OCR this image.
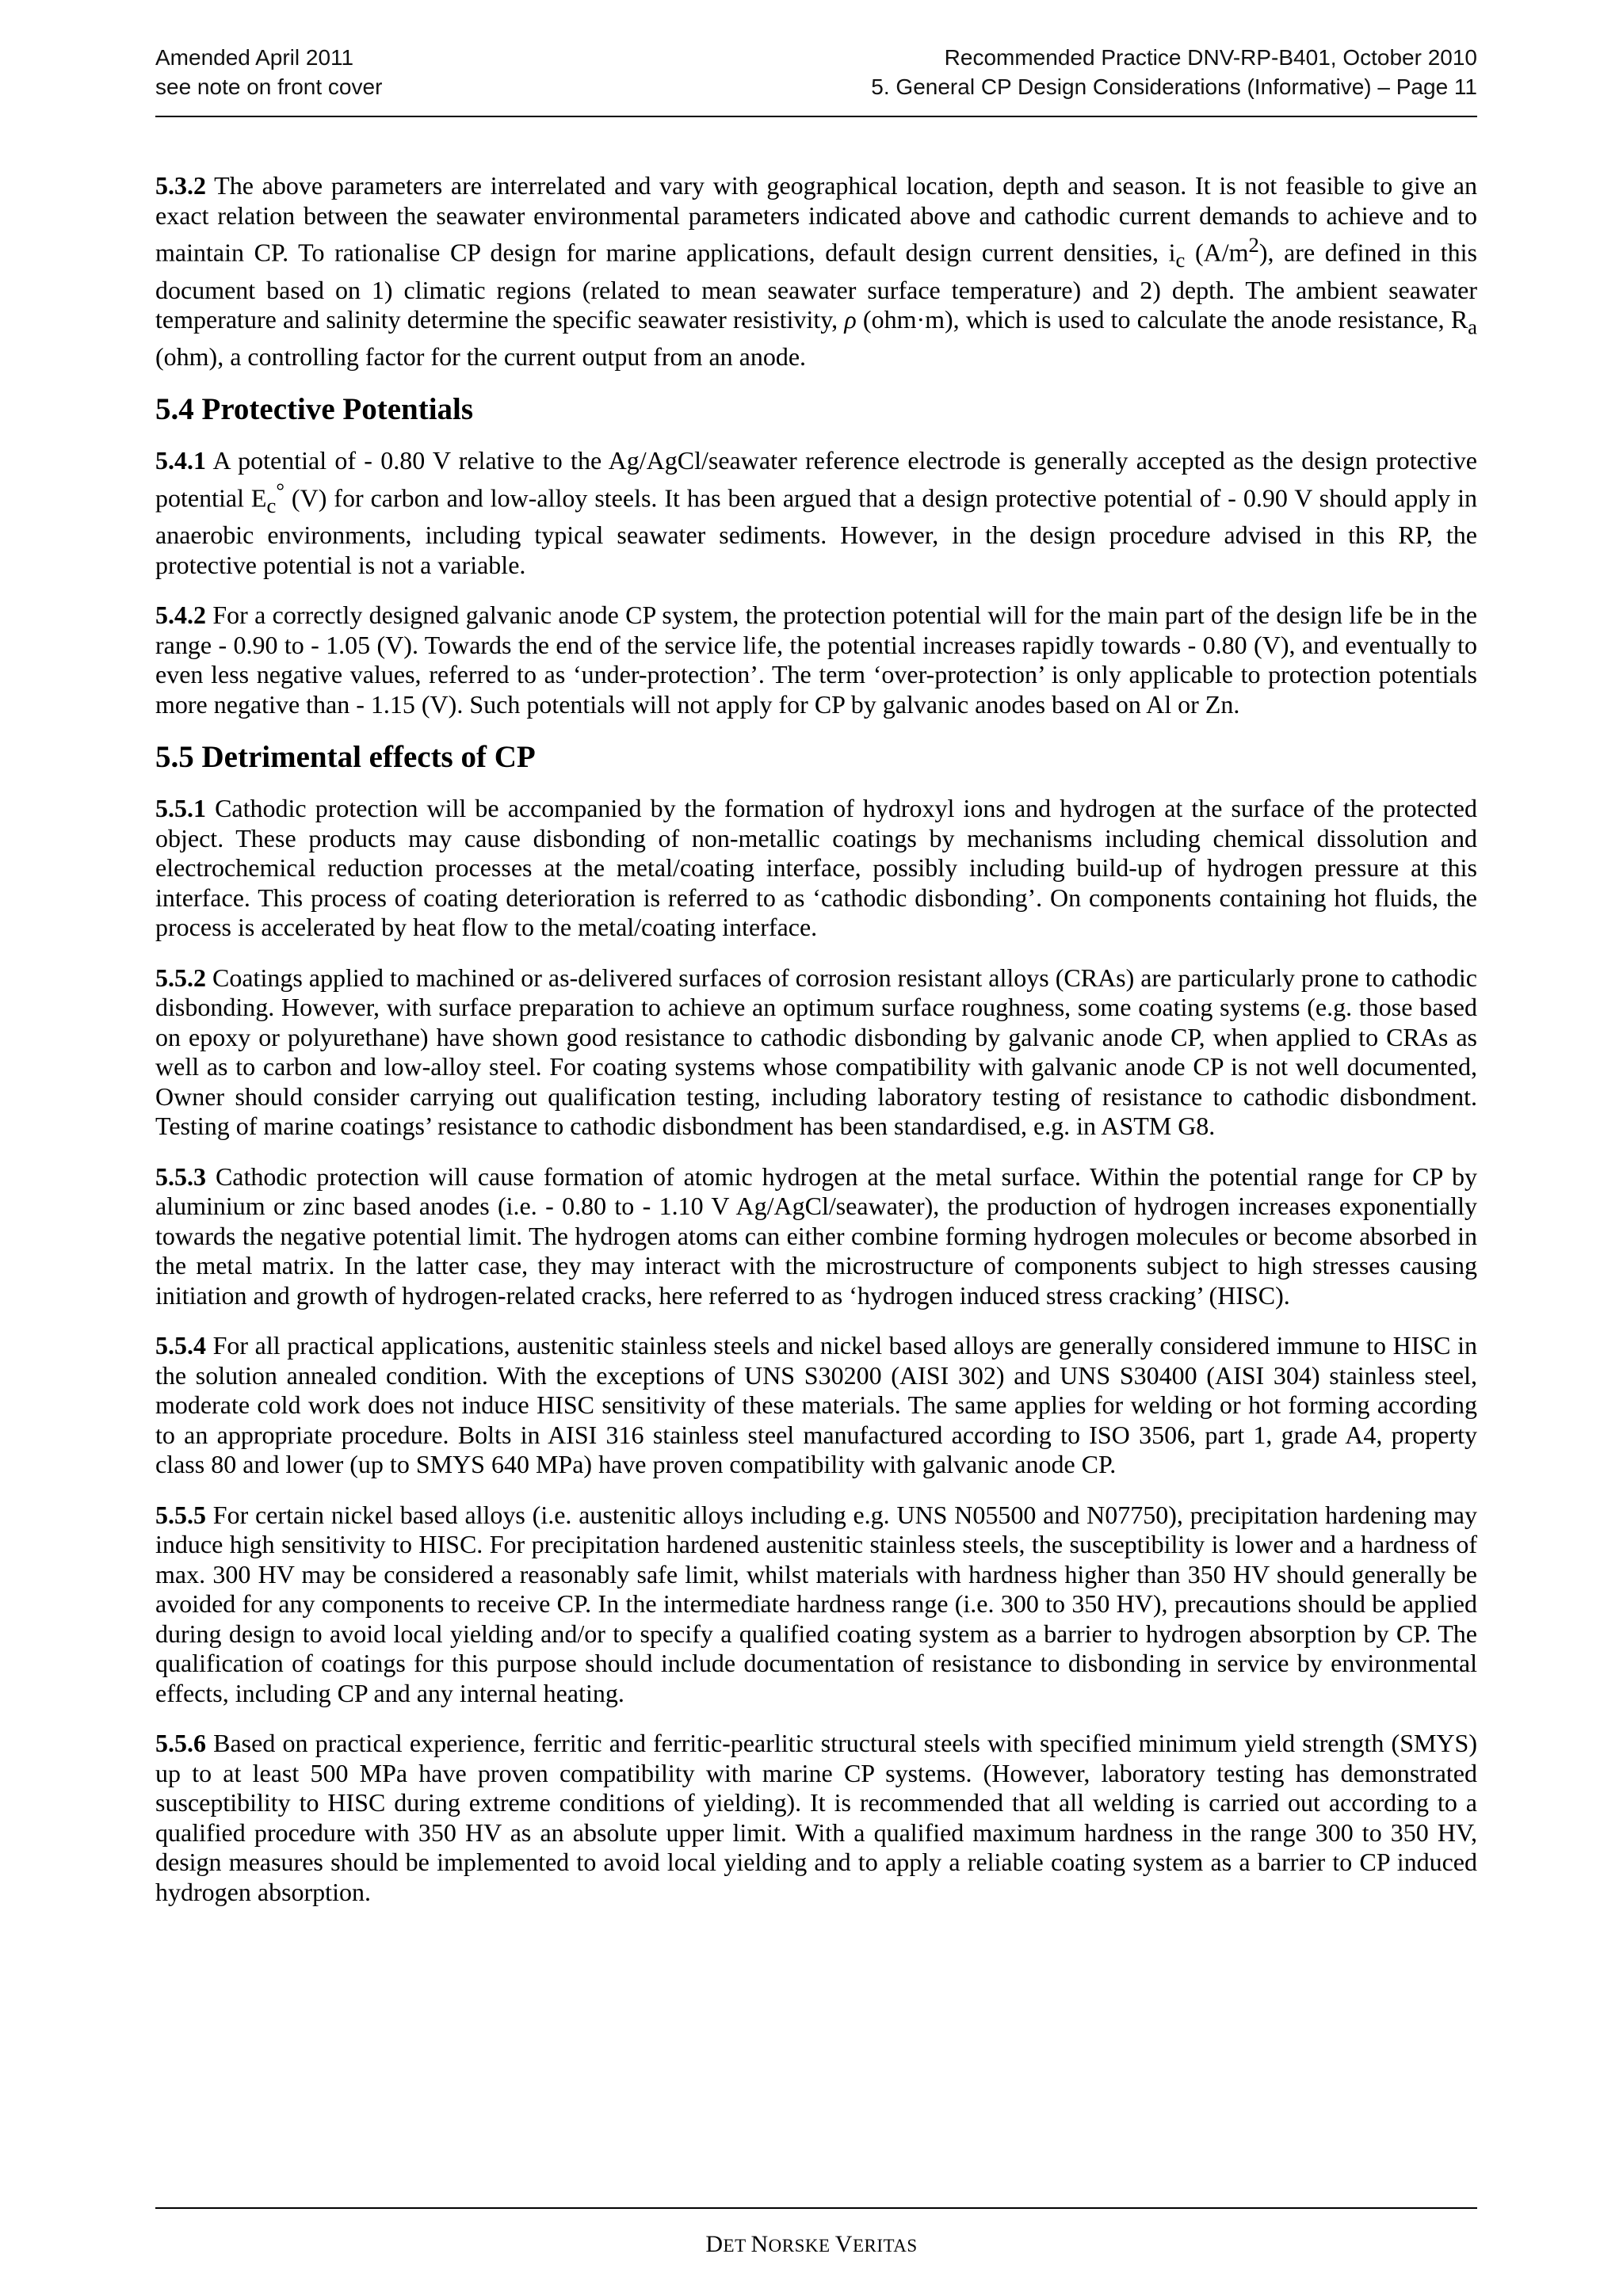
Amended April 2011
see note on front cover
Recommended Practice DNV-RP-B401, October 2010
5. General CP Design Considerations (Informative) – Page 11

5.3.2 The above parameters are interrelated and vary with geographical location, depth and season. It is not feasible to give an exact relation between the seawater environmental parameters indicated above and cathodic current demands to achieve and to maintain CP. To rationalise CP design for marine applications, default design current densities, $i_c$ $(A/m^2)$, are defined in this document based on 1) climatic regions (related to mean seawater surface temperature) and 2) depth. The ambient seawater temperature and salinity determine the specific seawater resistivity, ρ (ohm·m), which is used to calculate the anode resistance, $R_a$ (ohm), a controlling factor for the current output from an anode.

5.4 Protective Potentials

5.4.1 A potential of - 0.80 V relative to the Ag/AgCl/seawater reference electrode is generally accepted as the design protective potential $E_c^\circ$ (V) for carbon and low-alloy steels. It has been argued that a design protective potential of - 0.90 V should apply in anaerobic environments, including typical seawater sediments. However, in the design procedure advised in this RP, the protective potential is not a variable.

5.4.2 For a correctly designed galvanic anode CP system, the protection potential will for the main part of the design life be in the range - 0.90 to - 1.05 (V). Towards the end of the service life, the potential increases rapidly towards - 0.80 (V), and eventually to even less negative values, referred to as ‘under-protection’. The term ‘over-protection’ is only applicable to protection potentials more negative than - 1.15 (V). Such potentials will not apply for CP by galvanic anodes based on Al or Zn.

5.5 Detrimental effects of CP

5.5.1 Cathodic protection will be accompanied by the formation of hydroxyl ions and hydrogen at the surface of the protected object. These products may cause disbonding of non-metallic coatings by mechanisms including chemical dissolution and electrochemical reduction processes at the metal/coating interface, possibly including build-up of hydrogen pressure at this interface. This process of coating deterioration is referred to as ‘cathodic disbonding’. On components containing hot fluids, the process is accelerated by heat flow to the metal/coating interface.

5.5.2 Coatings applied to machined or as-delivered surfaces of corrosion resistant alloys (CRAs) are particularly prone to cathodic disbonding. However, with surface preparation to achieve an optimum surface roughness, some coating systems (e.g. those based on epoxy or polyurethane) have shown good resistance to cathodic disbonding by galvanic anode CP, when applied to CRAs as well as to carbon and low-alloy steel. For coating systems whose compatibility with galvanic anode CP is not well documented, Owner should consider carrying out qualification testing, including laboratory testing of resistance to cathodic disbondment. Testing of marine coatings’ resistance to cathodic disbondment has been standardised, e.g. in ASTM G8.

5.5.3 Cathodic protection will cause formation of atomic hydrogen at the metal surface. Within the potential range for CP by aluminium or zinc based anodes (i.e. - 0.80 to - 1.10 V Ag/AgCl/seawater), the production of hydrogen increases exponentially towards the negative potential limit. The hydrogen atoms can either combine forming hydrogen molecules or become absorbed in the metal matrix. In the latter case, they may interact with the microstructure of components subject to high stresses causing initiation and growth of hydrogen-related cracks, here referred to as ‘hydrogen induced stress cracking’ (HISC).

5.5.4 For all practical applications, austenitic stainless steels and nickel based alloys are generally considered immune to HISC in the solution annealed condition. With the exceptions of UNS S30200 (AISI 302) and UNS S30400 (AISI 304) stainless steel, moderate cold work does not induce HISC sensitivity of these materials. The same applies for welding or hot forming according to an appropriate procedure. Bolts in AISI 316 stainless steel manufactured according to ISO 3506, part 1, grade A4, property class 80 and lower (up to SMYS 640 MPa) have proven compatibility with galvanic anode CP.

5.5.5 For certain nickel based alloys (i.e. austenitic alloys including e.g. UNS N05500 and N07750), precipitation hardening may induce high sensitivity to HISC. For precipitation hardened austenitic stainless steels, the susceptibility is lower and a hardness of max. 300 HV may be considered a reasonably safe limit, whilst materials with hardness higher than 350 HV should generally be avoided for any components to receive CP. In the intermediate hardness range (i.e. 300 to 350 HV), precautions should be applied during design to avoid local yielding and/or to specify a qualified coating system as a barrier to hydrogen absorption by CP. The qualification of coatings for this purpose should include documentation of resistance to disbonding in service by environmental effects, including CP and any internal heating.

5.5.6 Based on practical experience, ferritic and ferritic-pearlitic structural steels with specified minimum yield strength (SMYS) up to at least 500 MPa have proven compatibility with marine CP systems. (However, laboratory testing has demonstrated susceptibility to HISC during extreme conditions of yielding). It is recommended that all welding is carried out according to a qualified procedure with 350 HV as an absolute upper limit. With a qualified maximum hardness in the range 300 to 350 HV, design measures should be implemented to avoid local yielding and to apply a reliable coating system as a barrier to CP induced hydrogen absorption.

DET NORSKE VERITAS
